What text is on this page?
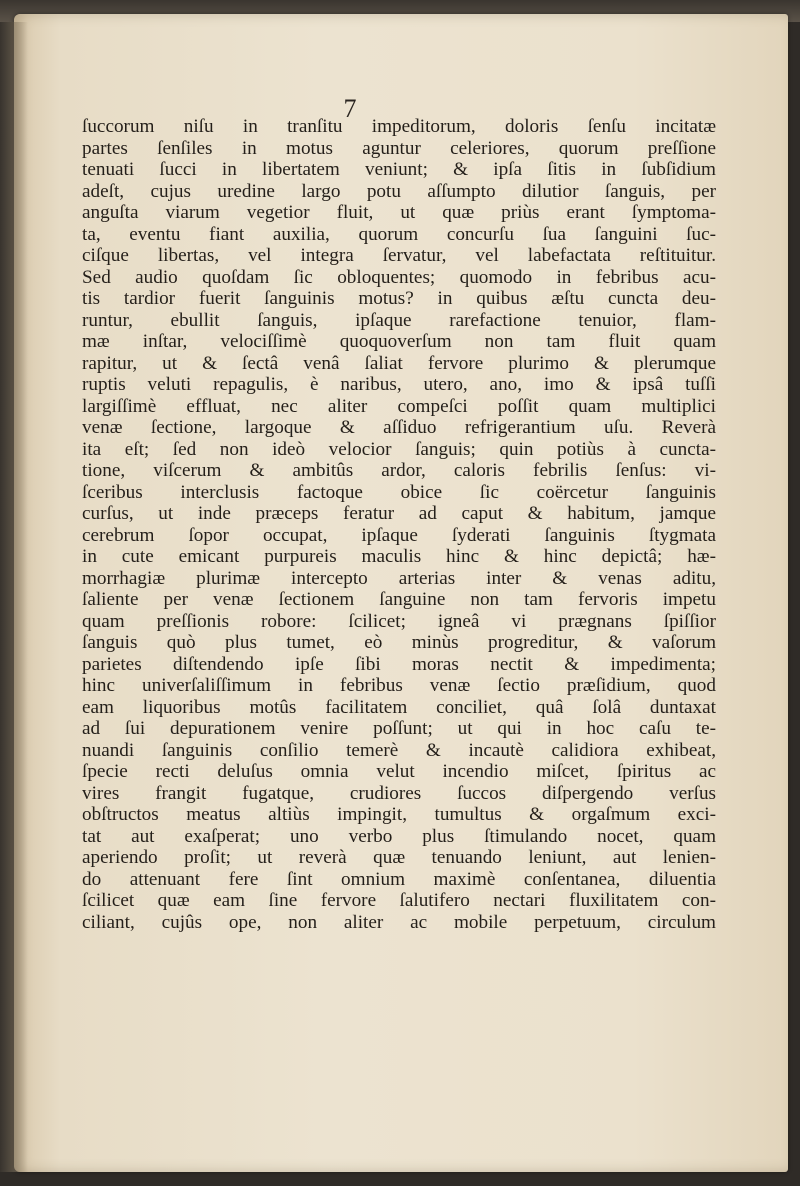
7
ſuccorum niſu in tranſitu impeditorum, doloris ſenſu incitatæ
partes ſenſiles in motus aguntur celeriores, quorum preſſione
tenuati ſucci in libertatem veniunt; & ipſa ſitis in ſubſidium
adeſt, cujus uredine largo potu aſſumpto dilutior ſanguis, per
anguſta viarum vegetior fluit, ut quæ priùs erant ſymptoma-
ta, eventu fiant auxilia, quorum concurſu ſua ſanguini ſuc-
ciſque libertas, vel integra ſervatur, vel labefactata reſtituitur.
Sed audio quoſdam ſic obloquentes; quomodo in febribus acu-
tis tardior fuerit ſanguinis motus? in quibus æſtu cuncta deu-
runtur, ebullit ſanguis, ipſaque rarefactione tenuior, flam-
mæ inſtar, velociſſimè quoquoverſum non tam fluit quam
rapitur, ut & ſectâ venâ ſaliat fervore plurimo & plerumque
ruptis veluti repagulis, è naribus, utero, ano, imo & ipsâ tuſſi
largiſſimè effluat, nec aliter compeſci poſſit quam multiplici
venæ ſectione, largoque & aſſiduo refrigerantium uſu. Reverà
ita eſt; ſed non ideò velocior ſanguis; quin potiùs à cuncta-
tione, viſcerum & ambitûs ardor, caloris febrilis ſenſus: vi-
ſceribus interclusis factoque obice ſic coërcetur ſanguinis
curſus, ut inde præceps feratur ad caput & habitum, jamque
cerebrum ſopor occupat, ipſaque ſyderati ſanguinis ſtygmata
in cute emicant purpureis maculis hinc & hinc depictâ; hæ-
morrhagiæ plurimæ intercepto arterias inter & venas aditu,
ſaliente per venæ ſectionem ſanguine non tam fervoris impetu
quam preſſionis robore: ſcilicet; igneâ vi prægnans ſpiſſior
ſanguis quò plus tumet, eò minùs progreditur, & vaſorum
parietes diſtendendo ipſe ſibi moras nectit & impedimenta;
hinc univerſaliſſimum in febribus venæ ſectio præſidium, quod
eam liquoribus motûs facilitatem conciliet, quâ ſolâ duntaxat
ad ſui depurationem venire poſſunt; ut qui in hoc caſu te-
nuandi ſanguinis conſilio temerè & incautè calidiora exhibeat,
ſpecie recti deluſus omnia velut incendio miſcet, ſpiritus ac
vires frangit fugatque, crudiores ſuccos diſpergendo verſus
obſtructos meatus altiùs impingit, tumultus & orgaſmum exci-
tat aut exaſperat; uno verbo plus ſtimulando nocet, quam
aperiendo proſit; ut reverà quæ tenuando leniunt, aut lenien-
do attenuant fere ſint omnium maximè conſentanea, diluentia
ſcilicet quæ eam ſine fervore ſalutifero nectari fluxilitatem con-
ciliant, cujûs ope, non aliter ac mobile perpetuum, circulum
